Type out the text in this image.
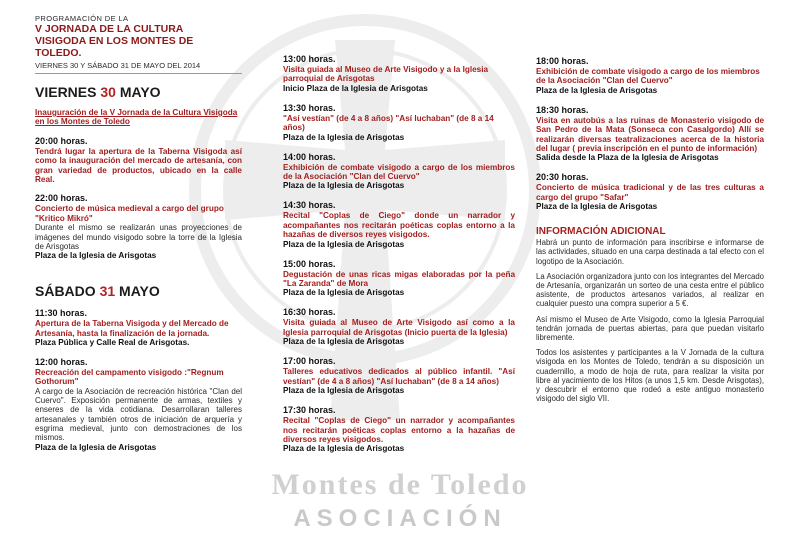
Montes de Toledo
ASOCIACIÓN
PROGRAMACIÓN DE LA
V JORNADA DE LA CULTURA
VISIGODA EN LOS MONTES DE TOLEDO.
VIERNES 30 Y SÁBADO 31 DE MAYO DEL 2014
VIERNES 30 MAYO
Inauguración de la V Jornada de la Cultura Visigoda en los Montes de Toledo
20:00 horas.
Tendrá lugar la apertura de la Taberna Visigoda así como la inauguración del mercado de artesanía, con gran variedad de productos, ubicado en la calle Real.
22:00 horas.
Concierto de música medieval a cargo del grupo "Kritico Mikró"
Durante el mismo se realizarán unas proyecciones de imágenes del mundo visigodo sobre la torre de la Iglesia de Arisgotas
Plaza de la Iglesia de Arisgotas
SÁBADO 31 MAYO
11:30 horas.
Apertura de la Taberna Visigoda y del Mercado de Artesanía, hasta la finalización de la jornada.
Plaza Pública y Calle Real de Arisgotas.
12:00 horas.
Recreación del campamento visigodo :"Regnum Gothorum"
A cargo de la Asociación de recreación histórica "Clan del Cuervo". Exposición permanente de armas, textiles y enseres de la vida cotidiana. Desarrollaran talleres artesanales y también otros de iniciación de arquería y esgrima medieval, junto con demostraciones de los mismos.
Plaza de la Iglesia de Arisgotas
13:00 horas.
Visita guiada al Museo de Arte Visigodo y a la Iglesia parroquial de Arisgotas
Inicio Plaza de la Iglesia de Arisgotas
13:30 horas.
"Así vestían" (de 4 a 8 años) "Así luchaban" (de 8 a 14 años)
Plaza de la Iglesia de Arisgotas
14:00 horas.
Exhibición de combate visigodo a cargo de los miembros de la Asociación "Clan del Cuervo"
Plaza de la Iglesia de Arisgotas
14:30 horas.
Recital "Coplas de Ciego" donde un narrador y acompañantes nos recitarán poéticas coplas entorno a la hazañas de diversos reyes visigodos.
Plaza de la Iglesia de Arisgotas
15:00 horas.
Degustación de unas ricas migas elaboradas por la peña "La Zaranda" de Mora
Plaza de la Iglesia de Arisgotas
16:30 horas.
Visita guiada al Museo de Arte Visigodo así como a la Iglesia parroquial de Arisgotas (Inicio puerta de la Iglesia)
Plaza de la Iglesia de Arisgotas
17:00 horas.
Talleres educativos dedicados al público infantil. "Así vestían" (de 4 a 8 años) "Así luchaban" (de 8 a 14 años)
Plaza de la Iglesia de Arisgotas
17:30 horas.
Recital "Coplas de Ciego" un narrador y acompañantes nos recitarán poéticas coplas entorno a la hazañas de diversos reyes visigodos.
Plaza de la Iglesia de Arisgotas
18:00 horas.
Exhibición de combate visigodo a cargo de los miembros de la Asociación "Clan del Cuervo"
Plaza de la Iglesia de Arisgotas
18:30 horas.
Visita en autobús a las ruinas de Monasterio visigodo de San Pedro de la Mata (Sonseca con Casalgordo) Allí se realizarán diversas teatralizaciones acerca de la historia del lugar ( previa inscripción en el punto de información)
Salida desde la Plaza de la Iglesia de Arisgotas
20:30 horas.
Concierto de música tradicional y de las tres culturas a cargo del grupo "Safar"
Plaza de la Iglesia de Arisgotas
INFORMACIÓN ADICIONAL

Habrá un punto de información para inscribirse e informarse de las actividades, situado en una carpa destinada a tal efecto con el logotipo de la Asociación.

La Asociación organizadora junto con los integrantes del Mercado de Artesanía, organizarán un sorteo de una cesta entre el público asistente, de productos artesanos variados, al realizar en cualquier puesto una compra superior a 5 €.

Así mismo el Museo de Arte Visigodo, como la Iglesia Parroquial tendrán jornada de puertas abiertas, para que puedan visitarlo libremente.

Todos los asistentes y participantes a la V Jornada de la cultura visigoda en los Montes de Toledo, tendrán a su disposición un cuadernillo, a modo de hoja de ruta, para realizar la visita por libre al yacimiento de los Hitos (a unos 1,5 km. Desde Arisgotas), y descubrir el entorno que rodeó a este antiguo monasterio visigodo del siglo VII.
